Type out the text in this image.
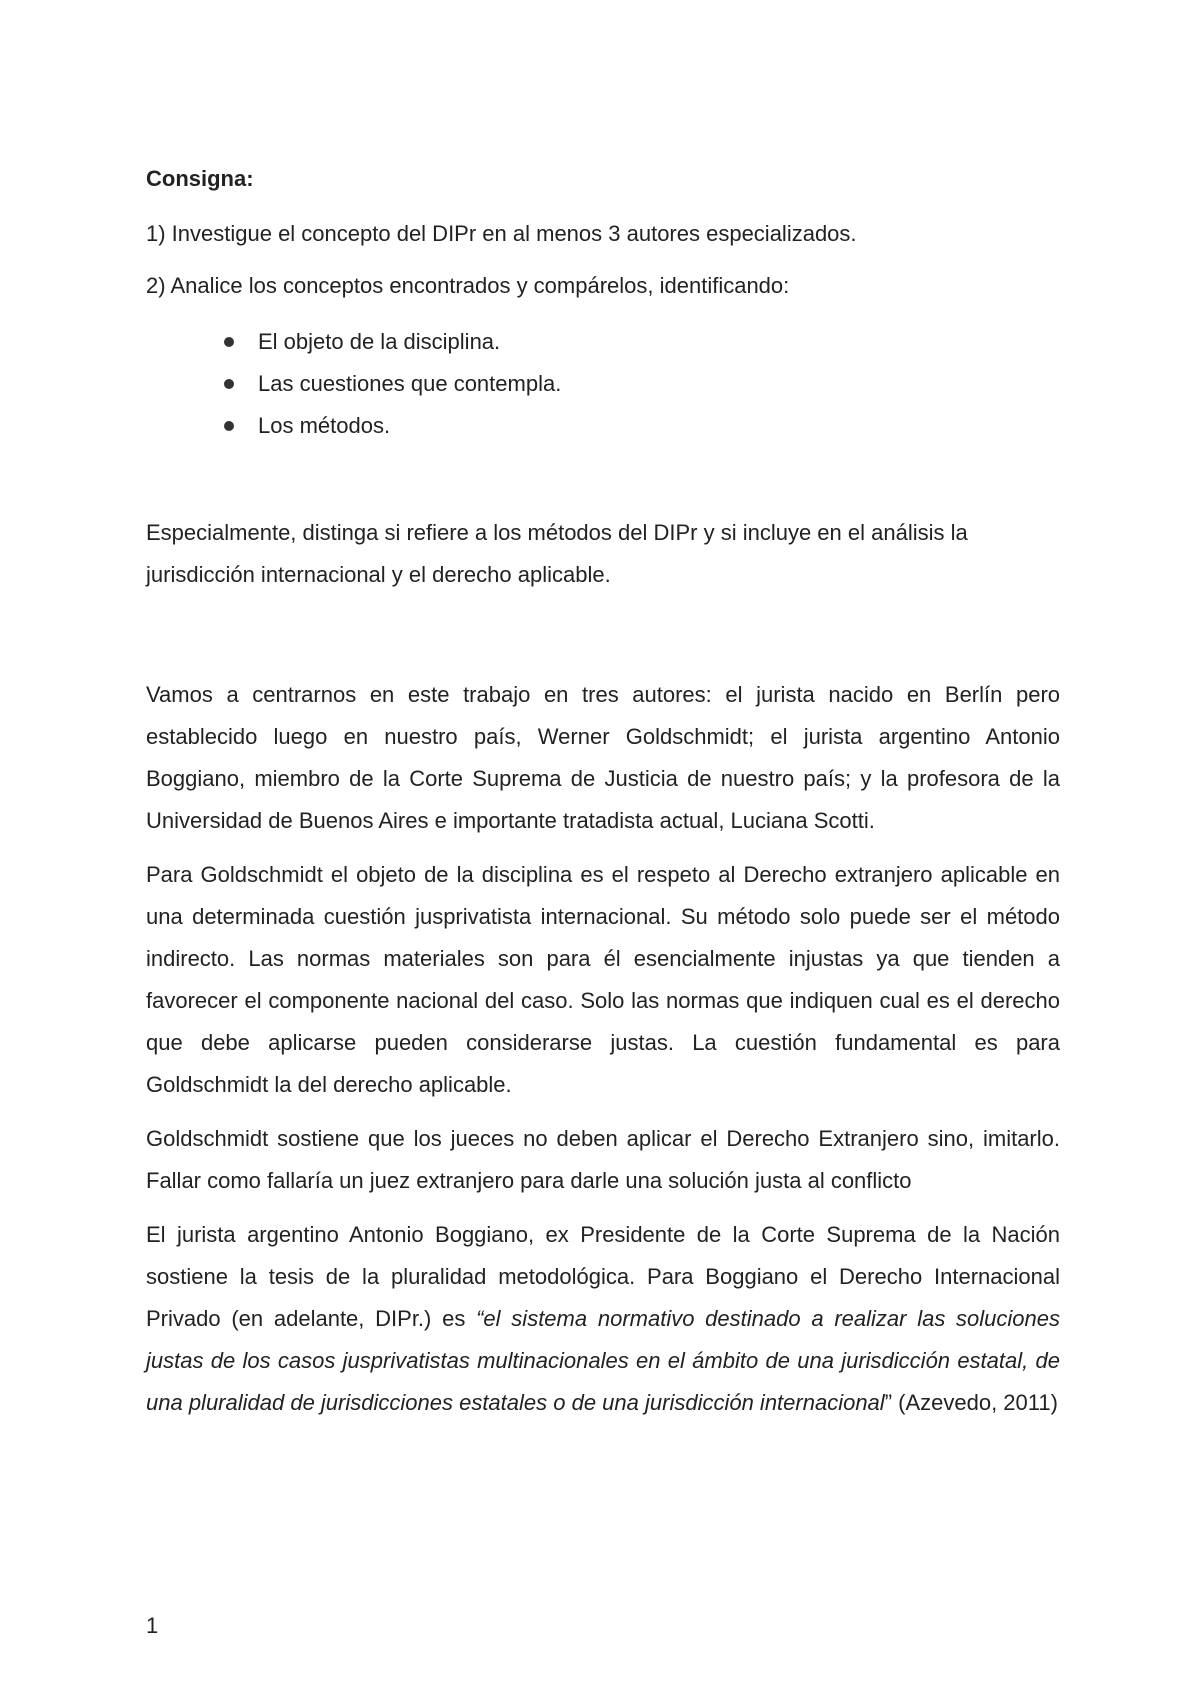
Consigna:

1) Investigue el concepto del DIPr en al menos 3 autores especializados.

2) Analice los conceptos encontrados y compárelos, identificando:

El objeto de la disciplina.
Las cuestiones que contempla.
Los métodos.

Especialmente, distinga si refiere a los métodos del DIPr y si incluye en el análisis la jurisdicción internacional y el derecho aplicable.

Vamos a centrarnos en este trabajo en tres autores: el jurista nacido en Berlín pero establecido luego en nuestro país, Werner Goldschmidt; el jurista argentino Antonio Boggiano, miembro de la Corte Suprema de Justicia de nuestro país; y la profesora de la Universidad de Buenos Aires e importante tratadista actual, Luciana Scotti.

Para Goldschmidt el objeto de la disciplina es el respeto al Derecho extranjero aplicable en una determinada cuestión jusprivatista internacional. Su método solo puede ser el método indirecto. Las normas materiales son para él esencialmente injustas ya que tienden a favorecer el componente nacional del caso. Solo las normas que indiquen cual es el derecho que debe aplicarse pueden considerarse justas. La cuestión fundamental es para Goldschmidt la del derecho aplicable.

Goldschmidt sostiene que los jueces no deben aplicar el Derecho Extranjero sino, imitarlo. Fallar como fallaría un juez extranjero para darle una solución justa al conflicto

El jurista argentino Antonio Boggiano, ex Presidente de la Corte Suprema de la Nación sostiene la tesis de la pluralidad metodológica. Para Boggiano el Derecho Internacional Privado (en adelante, DIPr.) es “el sistema normativo destinado a realizar las soluciones justas de los casos jusprivatistas multinacionales en el ámbito de una jurisdicción estatal, de una pluralidad de jurisdicciones estatales o de una jurisdicción internacional” (Azevedo, 2011)

1
